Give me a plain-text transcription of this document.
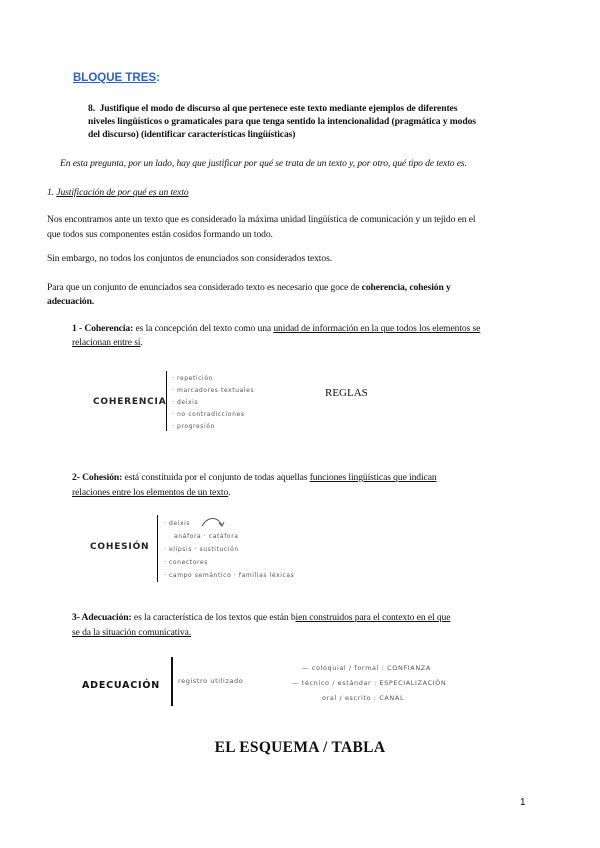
BLOQUE TRES:
8. Justifique el modo de discurso al que pertenece este texto mediante ejemplos de diferentes
niveles lingüísticos o gramaticales para que tenga sentido la intencionalidad (pragmática y modos
del discurso) (identificar características lingüísticas)
En esta pregunta, por un lado, hay que justificar por qué se trata de un texto y, por otro, qué tipo de texto es.
1. Justificación de por qué es un texto
Nos encontramos ante un texto que es considerado la máxima unidad lingüística de comunicación y un tejido en el
que todos sus componentes están cosidos formando un todo.
Sin embargo, no todos los conjuntos de enunciados son considerados textos.
Para que un conjunto de enunciados sea considerado texto es necesario que goce de coherencia, cohesión y
adecuación.
1 - Coherencia: es la concepción del texto como una unidad de información en la que todos los elementos se
relacionan entre sí.
COHERENCIA
· repetición
· marcadores textuales
· deixis
· no contradicciones
· progresión
REGLAS
2- Cohesión: está constituida por el conjunto de todas aquellas funciones lingüísticas que indican
relaciones entre los elementos de un texto.
COHESIÓN
· deixis
anáfora · catáfora
· elipsis · sustitución
· conectores
· campo semántico · familias léxicas
3- Adecuación: es la característica de los textos que están bien construidos para el contexto en el que
se da la situación comunicativa.
ADECUACIÓN	registro utilizado
— coloquial / formal : CONFIANZA
— técnico / estándar : ESPECIALIZACIÓN
oral / escrito : CANAL
EL ESQUEMA / TABLA
1
